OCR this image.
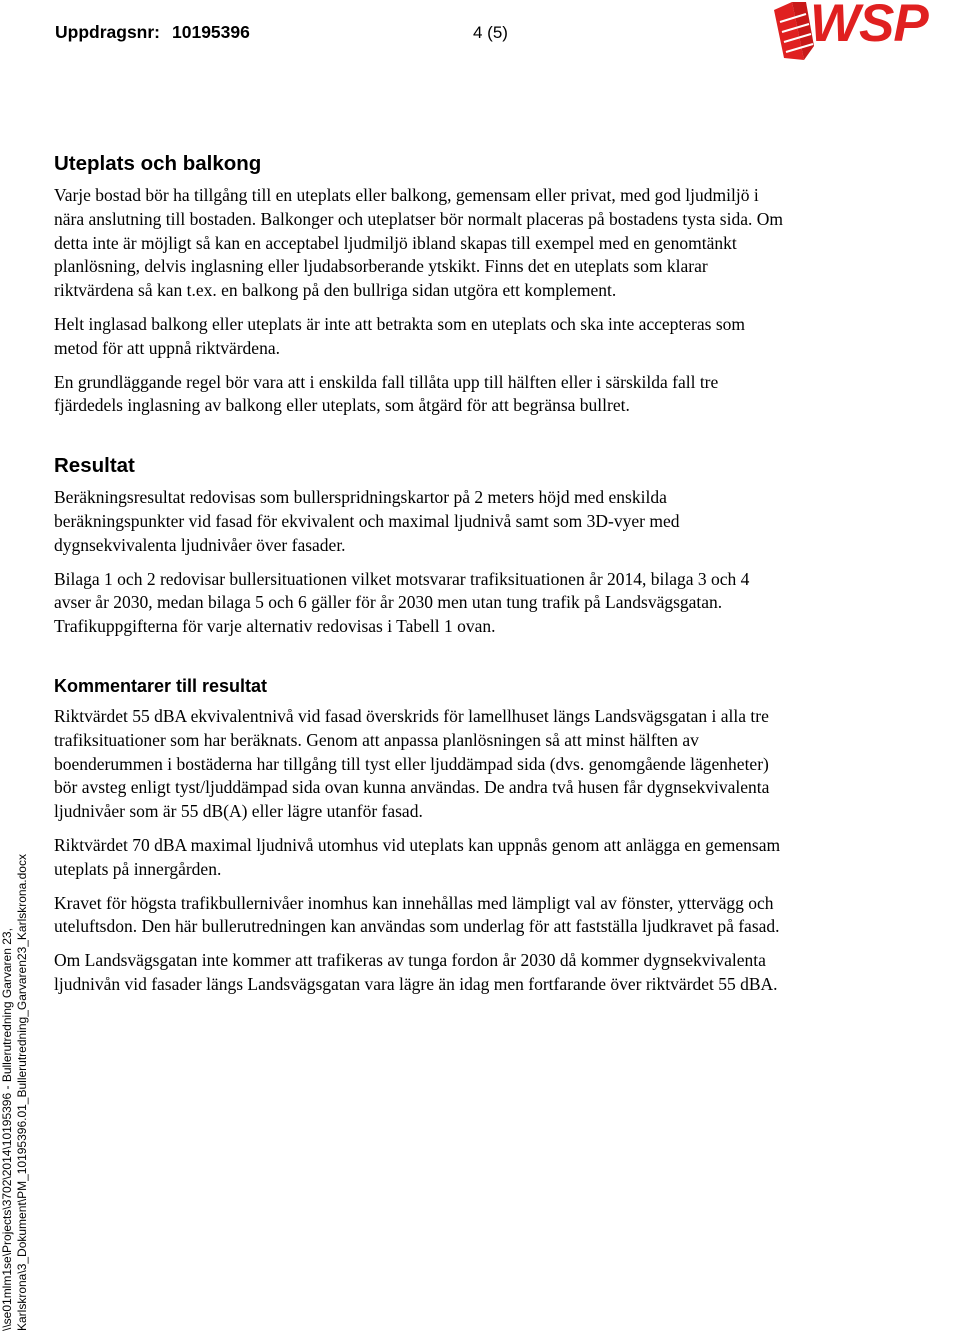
Uppdragsnr: 10195396	4 (5)	WSP
Uteplats och balkong

Varje bostad bör ha tillgång till en uteplats eller balkong, gemensam eller privat, med god ljudmiljö i nära anslutning till bostaden. Balkonger och uteplatser bör normalt placeras på bostadens tysta sida. Om detta inte är möjligt så kan en acceptabel ljudmiljö ibland skapas till exempel med en genomtänkt planlösning, delvis inglasning eller ljudabsorberande ytskikt. Finns det en uteplats som klarar riktvärdena så kan t.ex. en balkong på den bullriga sidan utgöra ett komplement.

Helt inglasad balkong eller uteplats är inte att betrakta som en uteplats och ska inte accepteras som metod för att uppnå riktvärdena.

En grundläggande regel bör vara att i enskilda fall tillåta upp till hälften eller i särskilda fall tre fjärdedels inglasning av balkong eller uteplats, som åtgärd för att begränsa bullret.

Resultat

Beräkningsresultat redovisas som bullerspridningskartor på 2 meters höjd med enskilda beräkningspunkter vid fasad för ekvivalent och maximal ljudnivå samt som 3D-vyer med dygnsekvivalenta ljudnivåer över fasader.

Bilaga 1 och 2 redovisar bullersituationen vilket motsvarar trafiksituationen år 2014, bilaga 3 och 4 avser år 2030, medan bilaga 5 och 6 gäller för år 2030 men utan tung trafik på Landsvägsgatan. Trafikuppgifterna för varje alternativ redovisas i Tabell 1 ovan.

Kommentarer till resultat

Riktvärdet 55 dBA ekvivalentnivå vid fasad överskrids för lamellhuset längs Landsvägsgatan i alla tre trafiksituationer som har beräknats. Genom att anpassa planlösningen så att minst hälften av boenderummen i bostäderna har tillgång till tyst eller ljuddämpad sida (dvs. genomgående lägenheter) bör avsteg enligt tyst/ljuddämpad sida ovan kunna användas. De andra två husen får dygnsekvivalenta ljudnivåer som är 55 dB(A) eller lägre utanför fasad.

Riktvärdet 70 dBA maximal ljudnivå utomhus vid uteplats kan uppnås genom att anlägga en gemensam uteplats på innergården.

Kravet för högsta trafikbullernivåer inomhus kan innehållas med lämpligt val av fönster, yttervägg och uteluftsdon. Den här bullerutredningen kan användas som underlag för att fastställa ljudkravet på fasad.

Om Landsvägsgatan inte kommer att trafikeras av tunga fordon år 2030 då kommer dygnsekvivalenta ljudnivån vid fasader längs Landsvägsgatan vara lägre än idag men fortfarande över riktvärdet 55 dBA.

\\se01mlm1se\Projects\3702\2014\10195396 - Bullerutredning Garvaren 23, Karlskrona\3_Dokument\PM_10195396.01_Bullerutredning_Garvaren23_Karlskrona.docx
